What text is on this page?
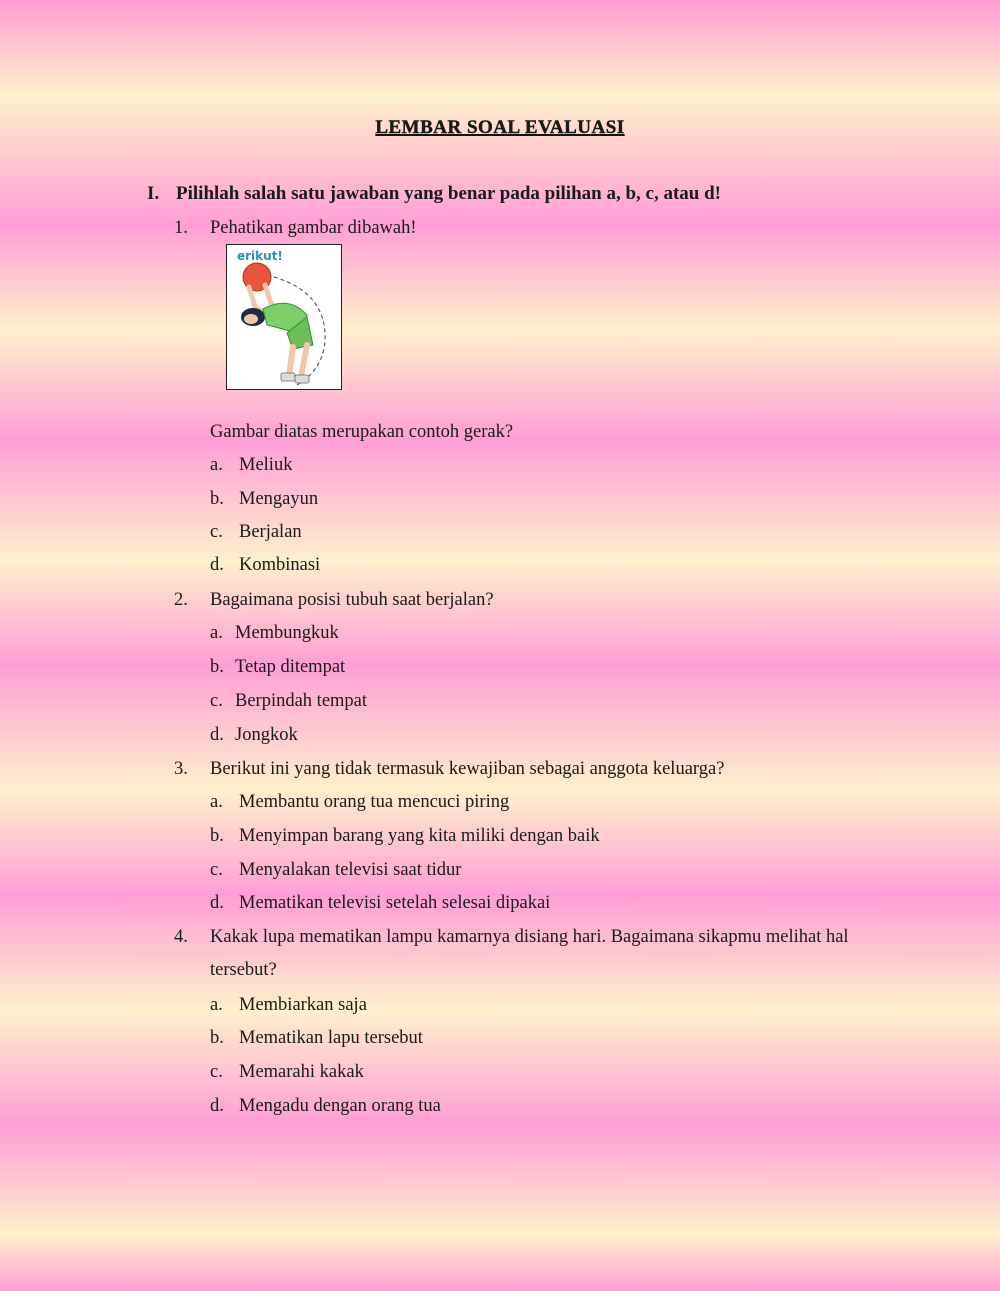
LEMBAR SOAL EVALUASI
I. Pilihlah salah satu jawaban yang benar pada pilihan a, b, c, atau d!
1. Pehatikan gambar dibawah!
erikut!
Gambar diatas merupakan contoh gerak?
a. Meliuk
b. Mengayun
c. Berjalan
d. Kombinasi
2. Bagaimana posisi tubuh saat berjalan?
a. Membungkuk
b. Tetap ditempat
c. Berpindah tempat
d. Jongkok
3. Berikut ini yang tidak termasuk kewajiban sebagai anggota keluarga?
a. Membantu orang tua mencuci piring
b. Menyimpan barang yang kita miliki dengan baik
c. Menyalakan televisi saat tidur
d. Mematikan televisi setelah selesai dipakai
4.	Kakak lupa mematikan lampu kamarnya disiang hari. Bagaimana sikapmu melihat hal tersebut?
a. Membiarkan saja
b. Mematikan lapu tersebut
c. Memarahi kakak
d. Mengadu dengan orang tua
